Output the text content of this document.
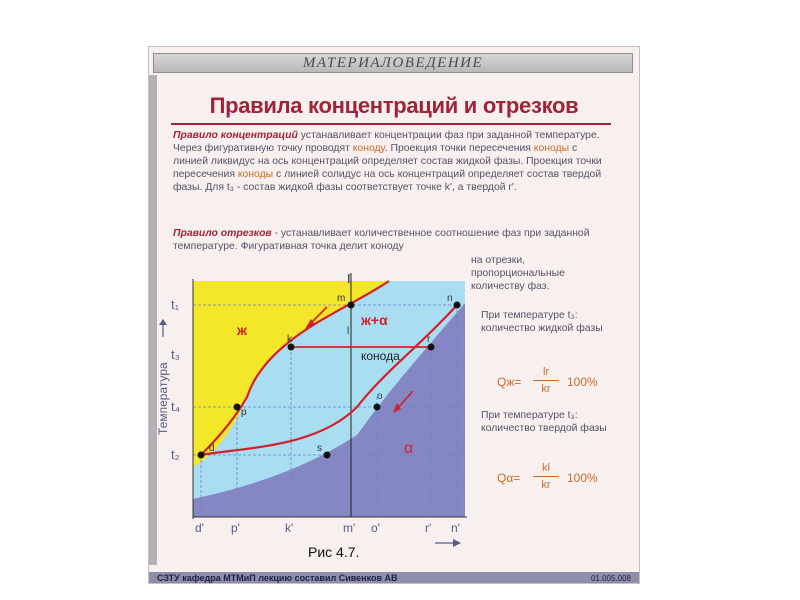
МАТЕРИАЛОВЕДЕНИЕ
Правила концентраций и отрезков
Правило концентраций устанавливает концентрации фаз при заданной температуре. Через фигуративную точку проводят коноду. Проекция точки пересечения коноды с линией ликвидус на ось концентраций определяет состав жидкой фазы. Проекция точки пересечения коноды с линией солидус на ось концентраций определяет состав твердой фазы. Для t₃ - состав жидкой фазы соответствует точке k', а твердой r'.
Правило отрезков - устанавливает количественное соотношение фаз при заданной температуре. Фигуративная точка делит коноду
на отрезки, пропорциональные количеству фаз.
При температуре t₃: количество жидкой фазы
Qж=
lr
kr	100%
При температуре t₃: количество твердой фазы
Qα=
kl
kr	100%
I
конода
l
m
k	r
n
p
o
s
d
ж
ж+α
α
t₁
t₃
t₄
t₂
Температура
d' p'	k'	m' o'	r' n'
СЗТУ кафедра МТМиП лекцию составил Сивенков АВ	01.005.008
Рис 4.7.
